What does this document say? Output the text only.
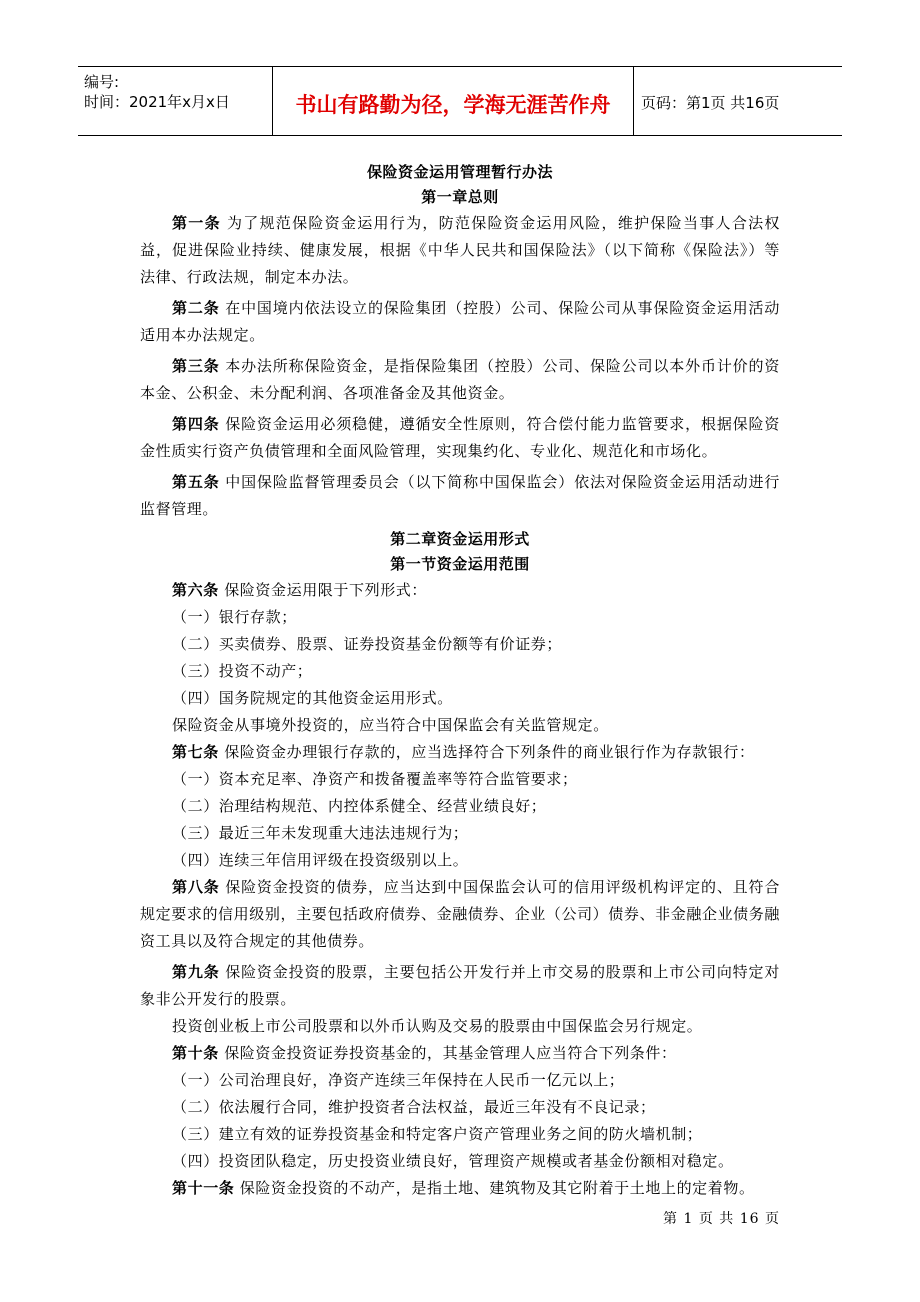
编号:
时间：2021年x月x日	书山有路勤为径，学海无涯苦作舟	页码：第1页 共16页
保险资金运用管理暂行办法
第一章总则

第一条 为了规范保险资金运用行为，防范保险资金运用风险，维护保险当事人合法权益，促进保险业持续、健康发展，根据《中华人民共和国保险法》（以下简称《保险法》）等法律、行政法规，制定本办法。

第二条 在中国境内依法设立的保险集团（控股）公司、保险公司从事保险资金运用活动适用本办法规定。

第三条 本办法所称保险资金，是指保险集团（控股）公司、保险公司以本外币计价的资本金、公积金、未分配利润、各项准备金及其他资金。

第四条 保险资金运用必须稳健，遵循安全性原则，符合偿付能力监管要求，根据保险资金性质实行资产负债管理和全面风险管理，实现集约化、专业化、规范化和市场化。

第五条 中国保险监督管理委员会（以下简称中国保监会）依法对保险资金运用活动进行监督管理。

第二章资金运用形式
第一节资金运用范围

第六条 保险资金运用限于下列形式：

（一）银行存款；

（二）买卖债券、股票、证券投资基金份额等有价证券；

（三）投资不动产；

（四）国务院规定的其他资金运用形式。

保险资金从事境外投资的，应当符合中国保监会有关监管规定。

第七条 保险资金办理银行存款的，应当选择符合下列条件的商业银行作为存款银行：

（一）资本充足率、净资产和拨备覆盖率等符合监管要求；

（二）治理结构规范、内控体系健全、经营业绩良好；

（三）最近三年未发现重大违法违规行为；

（四）连续三年信用评级在投资级别以上。

第八条 保险资金投资的债券，应当达到中国保监会认可的信用评级机构评定的、且符合规定要求的信用级别，主要包括政府债券、金融债券、企业（公司）债券、非金融企业债务融资工具以及符合规定的其他债券。

第九条 保险资金投资的股票，主要包括公开发行并上市交易的股票和上市公司向特定对象非公开发行的股票。

投资创业板上市公司股票和以外币认购及交易的股票由中国保监会另行规定。

第十条 保险资金投资证券投资基金的，其基金管理人应当符合下列条件：

（一）公司治理良好，净资产连续三年保持在人民币一亿元以上；

（二）依法履行合同，维护投资者合法权益，最近三年没有不良记录；

（三）建立有效的证券投资基金和特定客户资产管理业务之间的防火墙机制；

（四）投资团队稳定，历史投资业绩良好，管理资产规模或者基金份额相对稳定。

第十一条 保险资金投资的不动产，是指土地、建筑物及其它附着于土地上的定着物。

第 1 页 共 16 页
